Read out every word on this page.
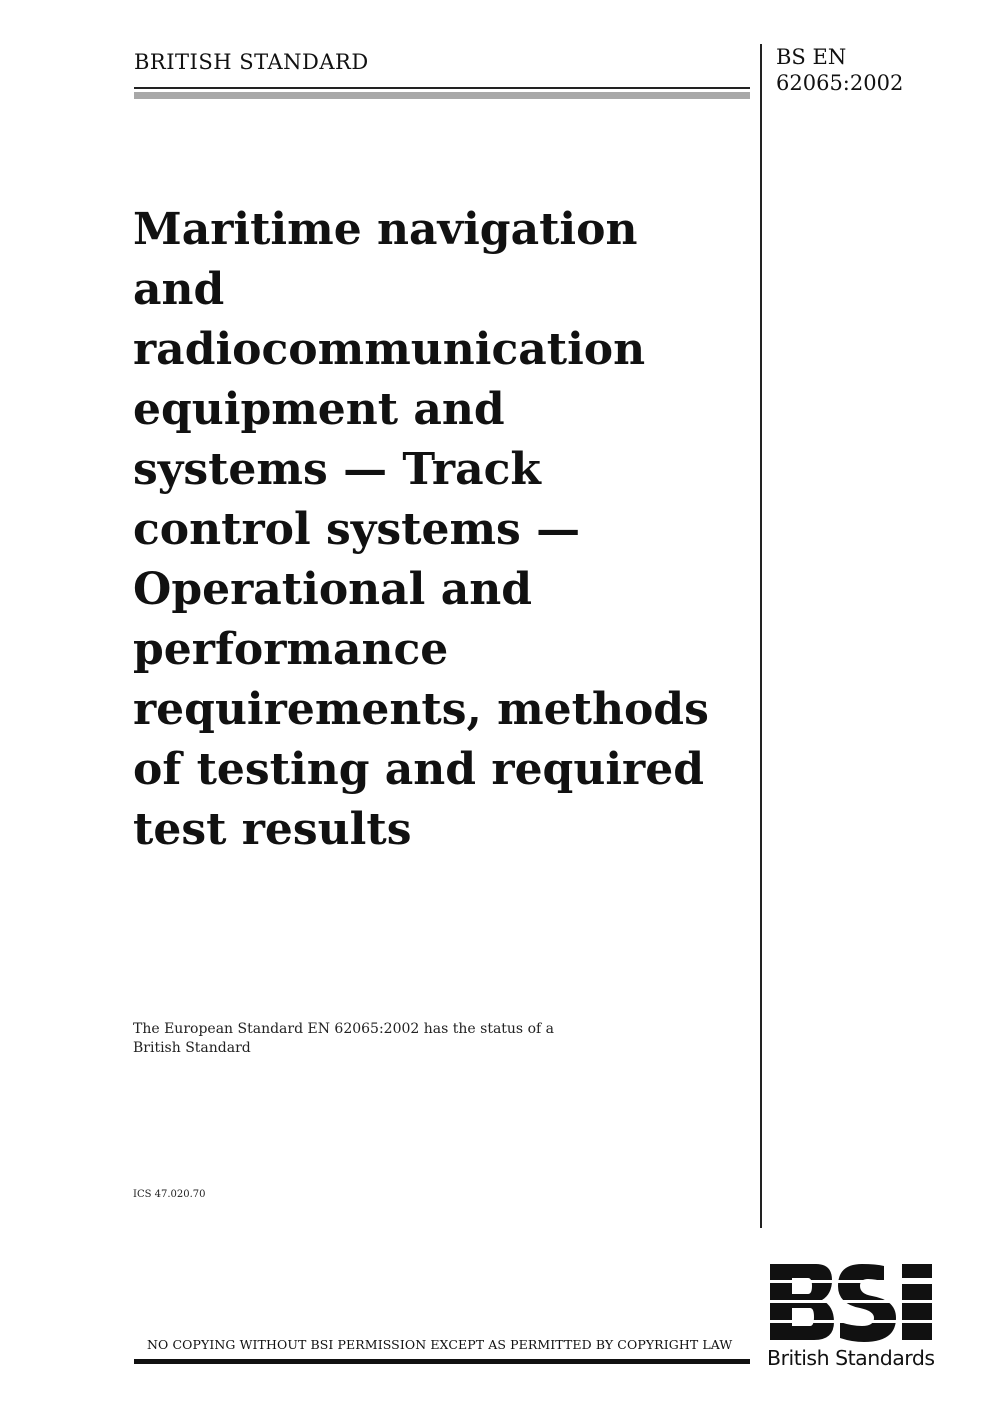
BRITISH STANDARD	BS EN
62065:2002
Maritime navigation
and
radiocommunication
equipment and
systems — Track
control systems —
Operational and
performance
requirements, methods
of testing and required
test results
The European Standard EN 62065:2002 has the status of a
British Standard
ICS 47.020.70
NO COPYING WITHOUT BSI PERMISSION EXCEPT AS PERMITTED BY COPYRIGHT LAW
British Standards
